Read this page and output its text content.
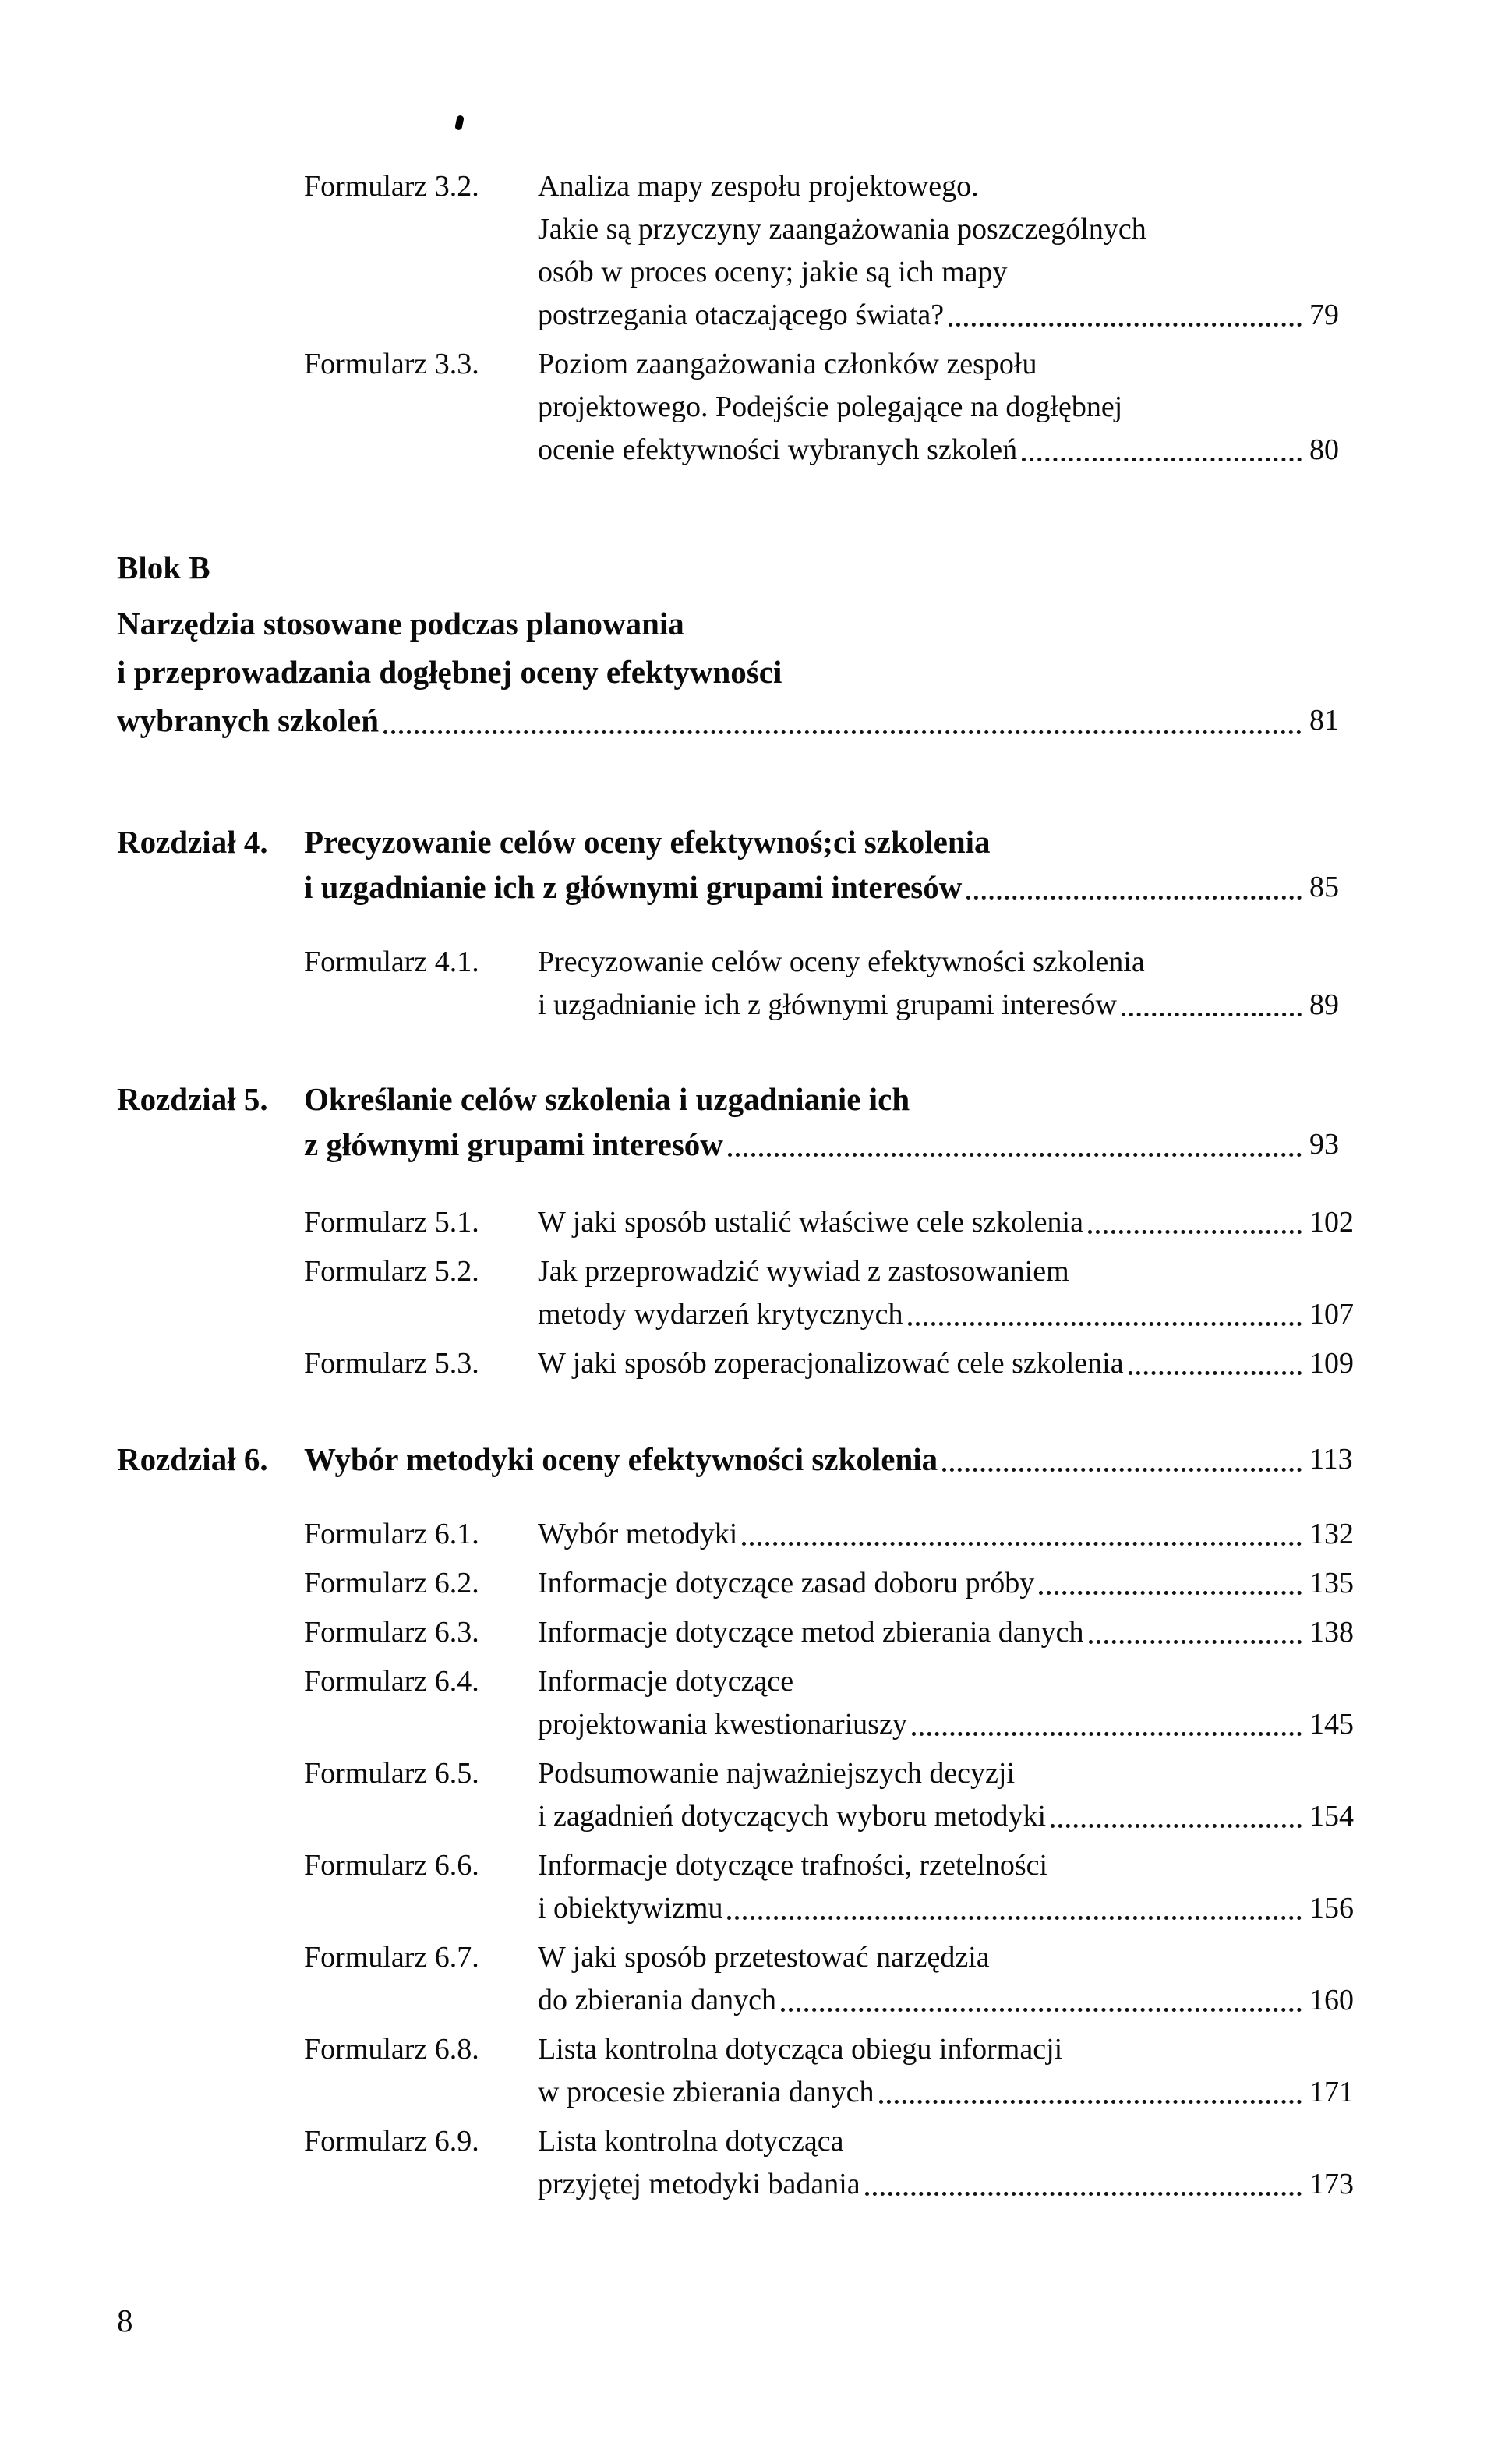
Formularz 3.2.	Analiza mapy zespołu projektowego.
Jakie są przyczyny zaangażowania poszczególnych
osób w proces oceny; jakie są ich mapy
postrzegania otaczającego świata?	79
Formularz 3.3.	Poziom zaangażowania członków zespołu
projektowego. Podejście polegające na dogłębnej
ocenie efektywności wybranych szkoleń	80
Blok B
Narzędzia stosowane podczas planowania
i przeprowadzania dogłębnej oceny efektywności
wybranych szkoleń	81
Rozdział 4.	Precyzowanie celów oceny efektywnoś;ci szkolenia
i uzgadnianie ich z głównymi grupami interesów	85
Formularz 4.1.	Precyzowanie celów oceny efektywności szkolenia
i uzgadnianie ich z głównymi grupami interesów	89
Rozdział 5.	Określanie celów szkolenia i uzgadnianie ich
z głównymi grupami interesów	93
Formularz 5.1.	W jaki sposób ustalić właściwe cele szkolenia	102
Formularz 5.2.	Jak przeprowadzić wywiad z zastosowaniem
metody wydarzeń krytycznych	107
Formularz 5.3.	W jaki sposób zoperacjonalizować cele szkolenia	109
Rozdział 6.	Wybór metodyki oceny efektywności szkolenia	113
Formularz 6.1.	Wybór metodyki	132
Formularz 6.2.	Informacje dotyczące zasad doboru próby	135
Formularz 6.3.	Informacje dotyczące metod zbierania danych	138
Formularz 6.4.	Informacje dotyczące
projektowania kwestionariuszy	145
Formularz 6.5.	Podsumowanie najważniejszych decyzji
i zagadnień dotyczących wyboru metodyki	154
Formularz 6.6.	Informacje dotyczące trafności, rzetelności
i obiektywizmu	156
Formularz 6.7.	W jaki sposób przetestować narzędzia
do zbierania danych	160
Formularz 6.8.	Lista kontrolna dotycząca obiegu informacji
w procesie zbierania danych	171
Formularz 6.9.	Lista kontrolna dotycząca
przyjętej metodyki badania	173
8
